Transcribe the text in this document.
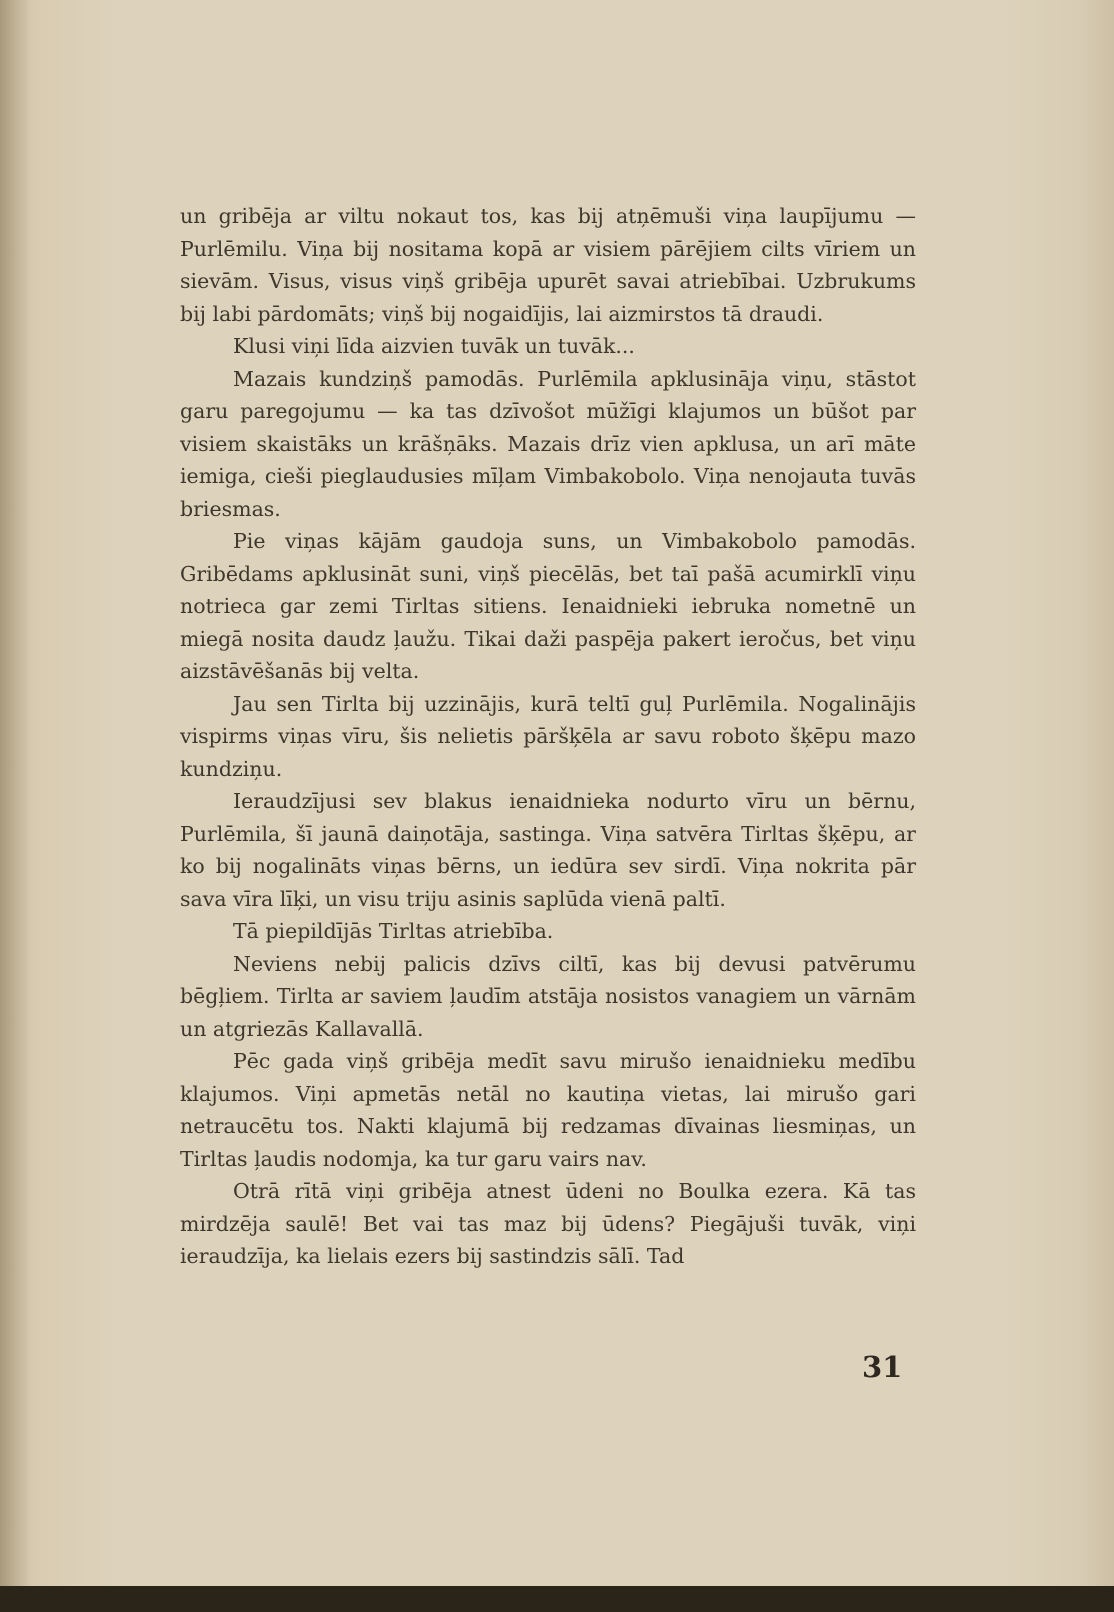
un gribēja ar viltu nokaut tos, kas bij atņēmuši viņa laupījumu — Purlēmilu. Viņa bij nositama kopā ar visiem pārējiem cilts vīriem un sievām. Visus, visus viņš gribēja upurēt savai atriebībai. Uzbrukums bij labi pārdomāts; viņš bij nogaidījis, lai aizmirstos tā draudi.

Klusi viņi līda aizvien tuvāk un tuvāk...

Mazais kundziņš pamodās. Purlēmila apklusināja viņu, stāstot garu paregojumu — ka tas dzīvošot mūžīgi klajumos un būšot par visiem skaistāks un krāšņāks. Mazais drīz vien apklusa, un arī māte iemiga, cieši pieglaudusies mīļam Vimbakobolo. Viņa nenojauta tuvās briesmas.

Pie viņas kājām gaudoja suns, un Vimbakobolo pamodās. Gribēdams apklusināt suni, viņš piecēlās, bet taī pašā acumirklī viņu notrieca gar zemi Tirltas sitiens. Ienaidnieki iebruka nometnē un miegā nosita daudz ļaužu. Tikai daži paspēja pakert ieročus, bet viņu aizstāvēšanās bij velta.

Jau sen Tirlta bij uzzinājis, kurā teltī guļ Purlēmila. Nogalinājis vispirms viņas vīru, šis nelietis pāršķēla ar savu roboto šķēpu mazo kundziņu.

Ieraudzījusi sev blakus ienaidnieka nodurto vīru un bērnu, Purlēmila, šī jaunā daiņotāja, sastinga. Viņa satvēra Tirltas šķēpu, ar ko bij nogalināts viņas bērns, un iedūra sev sirdī. Viņa nokrita pār sava vīra līķi, un visu triju asinis saplūda vienā paltī.

Tā piepildījās Tirltas atriebība.

Neviens nebij palicis dzīvs ciltī, kas bij devusi patvērumu bēgļiem. Tirlta ar saviem ļaudīm atstāja nosistos vanagiem un vārnām un atgriezās Kallavallā.

Pēc gada viņš gribēja medīt savu mirušo ienaidnieku medību klajumos. Viņi apmetās netāl no kautiņa vietas, lai mirušo gari netraucētu tos. Nakti klajumā bij redzamas dīvainas liesmiņas, un Tirltas ļaudis nodomja, ka tur garu vairs nav.

Otrā rītā viņi gribēja atnest ūdeni no Boulka ezera. Kā tas mirdzēja saulē! Bet vai tas maz bij ūdens? Piegājuši tuvāk, viņi ieraudzīja, ka lielais ezers bij sastindzis sālī. Tad

31
